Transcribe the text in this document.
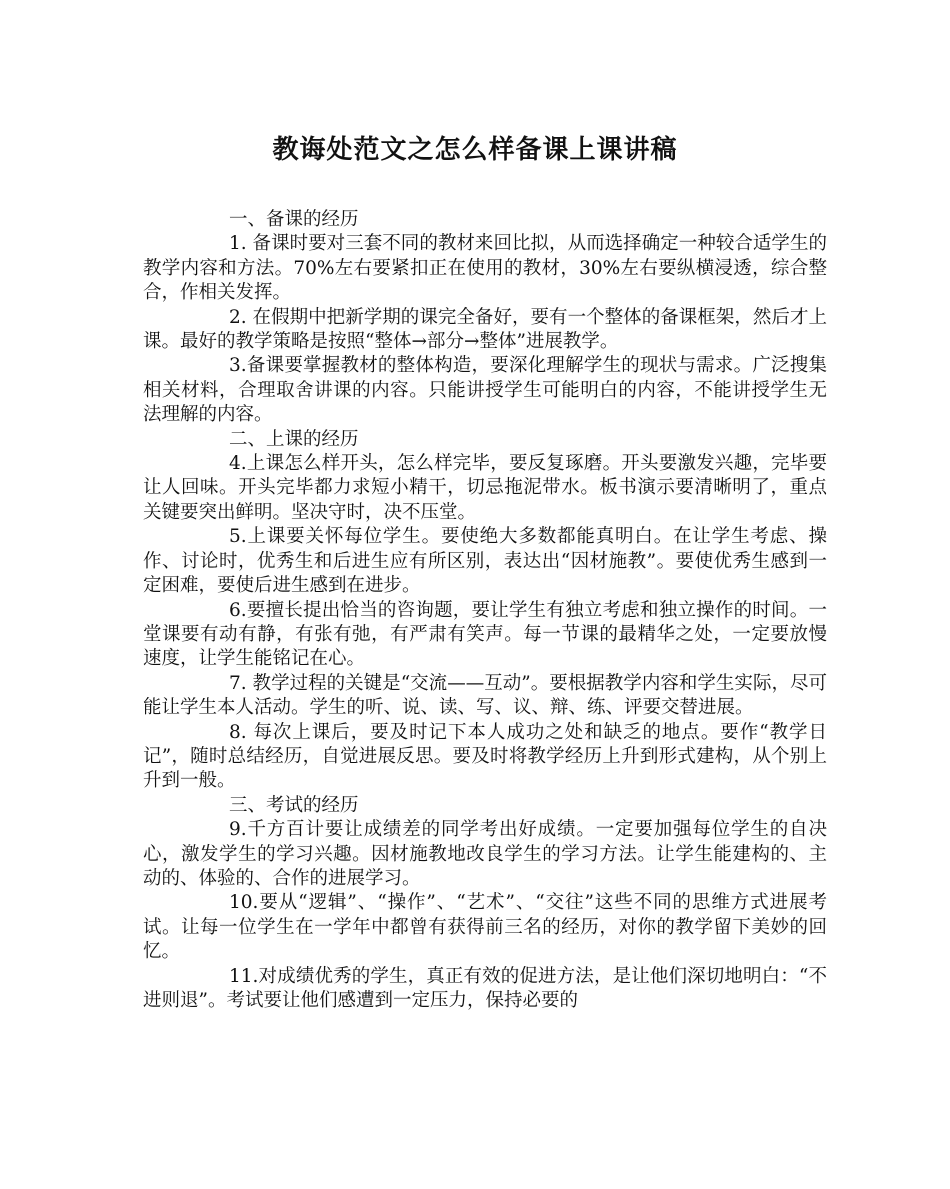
教诲处范文之怎么样备课上课讲稿

一、备课的经历

1. 备课时要对三套不同的教材来回比拟，从而选择确定一种较合适学生的教学内容和方法。70%左右要紧扣正在使用的教材，30%左右要纵横浸透，综合整合，作相关发挥。

2. 在假期中把新学期的课完全备好，要有一个整体的备课框架，然后才上课。最好的教学策略是按照“整体→部分→整体”进展教学。

3.备课要掌握教材的整体构造，要深化理解学生的现状与需求。广泛搜集相关材料，合理取舍讲课的内容。只能讲授学生可能明白的内容，不能讲授学生无法理解的内容。

二、上课的经历

4.上课怎么样开头，怎么样完毕，要反复琢磨。开头要激发兴趣，完毕要让人回味。开头完毕都力求短小精干，切忌拖泥带水。板书演示要清晰明了，重点关键要突出鲜明。坚决守时，决不压堂。

5.上课要关怀每位学生。要使绝大多数都能真明白。在让学生考虑、操作、讨论时，优秀生和后进生应有所区别，表达出“因材施教”。要使优秀生感到一定困难，要使后进生感到在进步。

6.要擅长提出恰当的咨询题，要让学生有独立考虑和独立操作的时间。一堂课要有动有静，有张有弛，有严肃有笑声。每一节课的最精华之处，一定要放慢速度，让学生能铭记在心。

7. 教学过程的关键是“交流——互动”。要根据教学内容和学生实际，尽可能让学生本人活动。学生的听、说、读、写、议、辩、练、评要交替进展。

8. 每次上课后，要及时记下本人成功之处和缺乏的地点。要作“教学日记”，随时总结经历，自觉进展反思。要及时将教学经历上升到形式建构，从个别上升到一般。

三、考试的经历

9.千方百计要让成绩差的同学考出好成绩。一定要加强每位学生的自决心，激发学生的学习兴趣。因材施教地改良学生的学习方法。让学生能建构的、主动的、体验的、合作的进展学习。

10.要从“逻辑”、“操作”、“艺术”、“交往”这些不同的思维方式进展考试。让每一位学生在一学年中都曾有获得前三名的经历，对你的教学留下美妙的回忆。

11.对成绩优秀的学生，真正有效的促进方法，是让他们深切地明白：“不进则退”。考试要让他们感遭到一定压力，保持必要的
